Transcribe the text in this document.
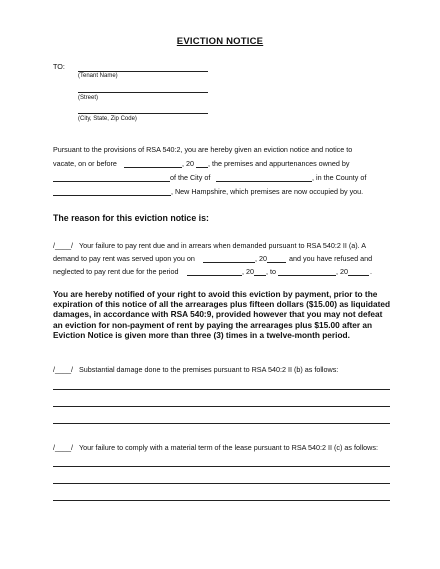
EVICTION NOTICE
TO:
(Tenant Name)
(Street)
(City, State, Zip Code)
Pursuant to the provisions of RSA 540:2, you are hereby given an eviction notice and notice to
vacate, on or before	, 20 , the premises and appurtenances owned by
of the City of	, in the County of
, New Hampshire, which premises are now occupied by you.
The reason for this eviction notice is:
/____/ Your failure to pay rent due and in arrears when demanded pursuant to RSA 540:2 II (a). A
demand to pay rent was served upon you on	, 20	and you have refused and
neglected to pay rent due for the period	, 20 , to	, 20	.
You are hereby notified of your right to avoid this eviction by payment, prior to the expiration of this notice of all the arrearages plus fifteen dollars ($15.00) as liquidated damages, in accordance with RSA 540:9, provided however that you may not defeat an eviction for non-payment of rent by paying the arrearages plus $15.00 after an Eviction Notice is given more than three (3) times in a twelve-month period.
/____/ Substantial damage done to the premises pursuant to RSA 540:2 II (b) as follows:
/____/ Your failure to comply with a material term of the lease pursuant to RSA 540:2 II (c) as follows:
